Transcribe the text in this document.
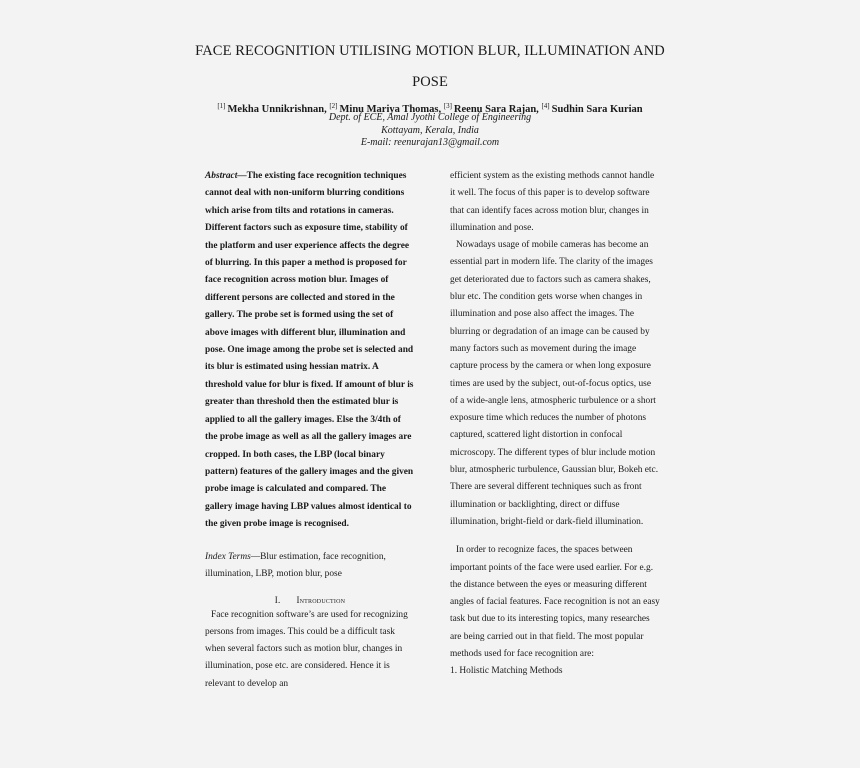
FACE RECOGNITION UTILISING MOTION BLUR, ILLUMINATION AND POSE
[1] Mekha Unnikrishnan, [2] Minu Mariya Thomas, [3] Reenu Sara Rajan, [4] Sudhin Sara Kurian
Dept. of ECE, Amal Jyothi College of Engineering
Kottayam, Kerala, India
E-mail: reenurajan13@gmail.com

Abstract—The existing face recognition techniques cannot deal with non-uniform blurring conditions which arise from tilts and rotations in cameras. Different factors such as exposure time, stability of the platform and user experience affects the degree of blurring. In this paper a method is proposed for face recognition across motion blur. Images of different persons are collected and stored in the gallery. The probe set is formed using the set of above images with different blur, illumination and pose. One image among the probe set is selected and its blur is estimated using hessian matrix. A threshold value for blur is fixed. If amount of blur is greater than threshold then the estimated blur is applied to all the gallery images. Else the 3/4th of the probe image as well as all the gallery images are cropped. In both cases, the LBP (local binary pattern) features of the gallery images and the given probe image is calculated and compared. The gallery image having LBP values almost identical to the given probe image is recognised.

Index Terms—Blur estimation, face recognition, illumination, LBP, motion blur, pose

I. Introduction

Face recognition software’s are used for recognizing persons from images. This could be a difficult task when several factors such as motion blur, changes in illumination, pose etc. are considered. Hence it is relevant to develop an

efficient system as the existing methods cannot handle it well. The focus of this paper is to develop software that can identify faces across motion blur, changes in illumination and pose.

Nowadays usage of mobile cameras has become an essential part in modern life. The clarity of the images get deteriorated due to factors such as camera shakes, blur etc. The condition gets worse when changes in illumination and pose also affect the images. The blurring or degradation of an image can be caused by many factors such as movement during the image capture process by the camera or when long exposure times are used by the subject, out-of-focus optics, use of a wide-angle lens, atmospheric turbulence or a short exposure time which reduces the number of photons captured, scattered light distortion in confocal microscopy. The different types of blur include motion blur, atmospheric turbulence, Gaussian blur, Bokeh etc. There are several different techniques such as front illumination or backlighting, direct or diffuse illumination, bright-field or dark-field illumination.

In order to recognize faces, the spaces between important points of the face were used earlier. For e.g. the distance between the eyes or measuring different angles of facial features. Face recognition is not an easy task but due to its interesting topics, many researches are being carried out in that field. The most popular methods used for face recognition are:

1. Holistic Matching Methods
